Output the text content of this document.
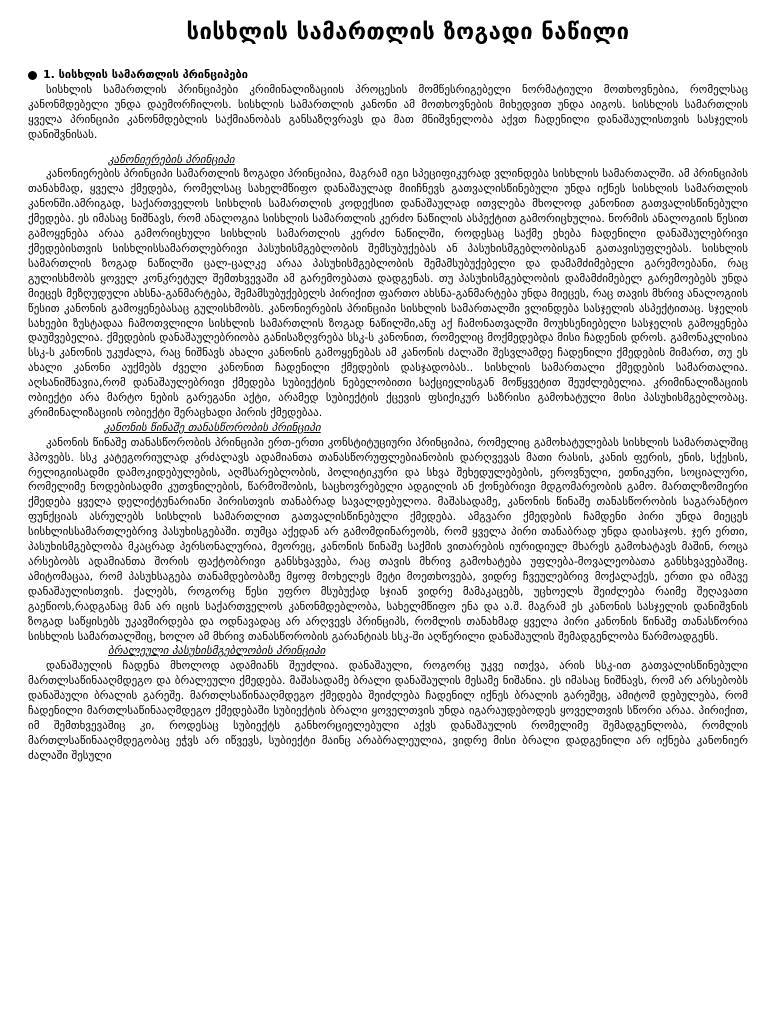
სისხლის სამართლის ზოგადი ნაწილი

1. სისხლის სამართლის პრინციპები

სისხლის სამართლის პრინციპები კრიმინალიზაციის პროცესის მომწესრიგებელი ნორმატიული მოთხოვნებია, რომელსაც კანონმდებელი უნდა დაემორჩილოს. სისხლის სამართლის კანონი ამ მოთხოვნების მიხედვით უნდა აიგოს. სისხლის სამართლის ყველა პრინციპი კანონმდებლის საქმიანობას განსაზღვრავს და მათ მნიშვნელობა აქვთ ჩადენილი დანაშაულისთვის სასჯელის დანიშვნისას.

კანონიერების პრინციპი

კანონიერების პრინციპი სამართლის ზოგადი პრინციპია, მაგრამ იგი სპეციფიკურად ვლინდება სისხლის სამართალში. ამ პრინციპის თანახმად, ყველა ქმედება, რომელსაც სახელმწიფო დანაშაულად მიიჩნევს გათვალისწინებული უნდა იქნეს სისხლის სამართლის კანონში.ამრიგად, საქართველოს სისხლის სამართლის კოდექსით დანაშაულად ითვლება მხოლოდ კანონით გათვალისწინებული ქმედება. ეს იმასაც ნიშნავს, რომ ანალოგია სისხლის სამართლის კერძო ნაწილის ასპექტით გამორიცხულია. ნორმის ანალოგიის წესით გამოყენება არაა გამორიცხული სისხლის სამართლის კერძო ნაწილში, როდესაც საქმე ეხება ჩადენილი დანაშაულებრივი ქმედებისთვის სისხლისსამართლებრივი პასუხისმგებლობის შემსუბუქებას ან პასუხისმგებლობისგან გათავისუფლებას. სისხლის სამართლის ზოგად ნაწილში ცალ-ცალკე არაა პასუხისმგებლობის შემამსუბუქებელი და დამამძიმებელი გარემოებანი, რაც გულისხმობს ყოველ კონკრეტულ შემთხვევაში ამ გარემოებათა დადგენას. თუ პასუხისმგებლობის დამამძიმებელ გარემოებებს უნდა მიეცეს მეზღუდული ახსნა-განმარტება, შემამსუბუქებელს პირიქით ფართო ახსნა-განმარტება უნდა მიეცეს, რაც თავის მხრივ ანალოგიის წესით კანონის გამოყენებასაც გულისხმობს. კანონიერების პრინციპი სისხლის სამართალში ვლინდება სასჯელის ასპექტითაც. სჯელის სახეები ზუსტადაა ჩამოთვლილი სისხლის სამართლის ზოგად ნაწილში,ანუ აქ ჩამონათვალში მოუხსენიებელი სასჯელის გამოყენება დაუშვებელია. ქმედების დანაშაულებრიობა განისაზღვრება სსკ-ს კანონით, რომელიც მოქმედებდა მისი ჩადენის დროს. გამონაკლისია სსკ-ს კანონის უკუძალა, რაც ნიშნავს ახალი კანონის გამოყენებას ამ კანონის ძალაში შესვლამდე ჩადენილი ქმედების მიმართ, თუ ეს ახალი კანონი აუქმებს ძველი კანონით ჩადენილი ქმედების დასჯადობას.. სისხლის სამართალი ქმედების სამართალია. აღსანიშნავია,რომ დანაშაულებრივი ქმედება სუბიექტის ნებელობითი საქციელისგან მოწყვეტით შეუძლებელია. კრიმინალიზაციის ობიექტი არა მარტო ნების გარეგანი აქტი, არამედ სუბიექტის ქცევის ფსიქიკურ საზრისი გამოხატული მისი პასუხისმგებლობაც. კრიმინალიზაციის ობიექტი შერაცხადი პირის ქმედებაა.

კანონის წინაშე თანასწორობის პრინციპი

კანონის წინაშე თანასწორობის პრინციპი ერთ-ერთი კონსტიტუციური პრინციპია, რომელიც გამოხატულებას სისხლის სამართალშიც ჰპოვებს. სსკ კატეგორიულად კრძალავს ადამიანთა თანასწორუფლებიანობის დარღვევას მათი რასის, კანის ფერის, ენის, სქესის, რელიგიისადმი დამოკიდებულების, აღმსარებლობის, პოლიტიკური და სხვა შეხედულებების, ეროვნული, ეთნიკური, სოციალური, რომელიმე ნოდებისადმი კუთვნილების, წარმოშობის, საცხოვრებელი ადგილის ან ქონებრივი მდგომარეობის გამო. მართლზომიერი ქმედება ყველა დელიქტუნარიანი პირისთვის თანაბრად სავალდებულოა. მაშასადამე, კანონის წინაშე თანასწორობის საგარანტიო ფუნქციას ასრულებს სისხლის სამართლით გათვალისწინებული ქმედება. ამგვარი ქმედების ჩამდენი პირი უნდა მიეცეს სისხლისსამართლებრივ პასუხისგებაში. თუმცა აქედან არ გამომდინარეობს, რომ ყველა პირი თანაბრად უნდა დაისაჯოს. ჯერ ერთი, პასუხისმგებლობა მკაცრად პერსონალურია, მეორეც, კანონის წინაშე საქმის ვითარების იურიდიულ მხარეს გამოხატავს მაშინ, როცა არსებობს ადამიანთა შორის ფაქტობრივი განსხვავება, რაც თავის მხრივ გამოხატება უფლება-მოვალეობათა განსხვავებაშიც. ამიტომაცაა, რომ პასუხსაგება თანამდებობაზე მყოფ მოხელეს მეტი მოეთხოვება, ვიდრე ჩვეულებრივ მოქალაქეს, ერთი და იმავე დანაშაულისთვის. ქალებს, როგორც წესი უფრო მსუბუქად სჯიან ვიდრე მამაკაცებს, უცხოელს შეიძლება რაიმე შეღავათი გაეწიოს,რადგანაც მან არ იცის საქართველოს კანონმდებლობა, სახელმწიფო ენა და ა.შ. მაგრამ ეს კანონის სასჯელის დანიშვნის ზოგად საწყისებს უკავშირდება და ოდნავადაც არ არღვევს პრინციპს, რომლის თანახმად ყველა პირი კანონის წინაშე თანასწორია სისხლის სამართალშიც, ხოლო ამ მხრივ თანასწორობის გარანტიას სსკ-ში აღწერილი დანაშაულის შემადგენლობა წარმოადგენს.

ბრალეული პასუხისმგებლობის პრინციპი

დანაშაულის ჩადენა მხოლოდ ადამიანს შეუძლია. დანაშაული, როგორც უკვე ითქვა, არის სსკ-ით გათვალისწინებული მართლსაწინააღმდეგო და ბრალეული ქმედება. მაშასადამე ბრალი დანაშაულის მესამე ნიშანია. ეს იმასაც ნიშნავს, რომ არ არსებობს დანაშაული ბრალის გარეშე. მართლსაწინააღმდეგო ქმედება შეიძლება ჩადენილ იქნეს ბრალის გარეშეც, ამიტომ დებულება, რომ ჩადენილი მართლსაწინააღმდეგო ქმედებაში სუბიექტის ბრალი ყოველთვის უნდა იგარაუდებოდეს ყოველთვის სწორი არაა. პირიქით, იმ შემთხვევაშიც კი, როდესაც სუბიექტს განხორციელებული აქვს დანაშაულის რომელიმე შემადგენლობა, რომლის მართლსაწინააღმდეგობაც ეჭვს არ იწვევს, სუბიექტი მაინც არაბრალეულია, ვიდრე მისი ბრალი დადგენილი არ იქნება კანონიერ ძალაში შესული
